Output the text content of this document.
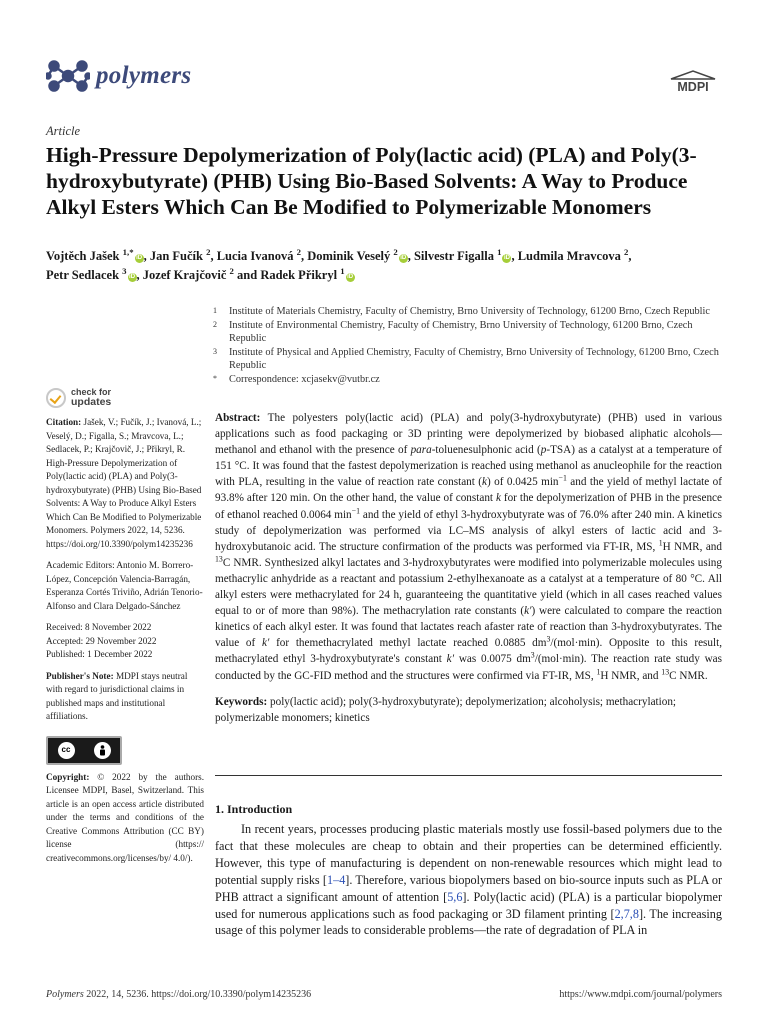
polymers	MDPI
Article
High-Pressure Depolymerization of Poly(lactic acid) (PLA) and Poly(3-hydroxybutyrate) (PHB) Using Bio-Based Solvents: A Way to Produce Alkyl Esters Which Can Be Modified to Polymerizable Monomers

Vojtěch Jašek $^{1,*}$iD , Jan Fučík $^2$, Lucia Ivanová $^2$, Dominik Veselý $^2$iD , Silvestr Figalla $^1$iD , Ludmila Mravcova $^2$,
Petr Sedlacek $^3$iD , Jozef Krajčovič $^2$ and Radek Přikryl $^1$iD

1 Institute of Materials Chemistry, Faculty of Chemistry, Brno University of Technology, 61200 Brno, Czech Republic
2 Institute of Environmental Chemistry, Faculty of Chemistry, Brno University of Technology, 61200 Brno, Czech Republic
3 Institute of Physical and Applied Chemistry, Faculty of Chemistry, Brno University of Technology, 61200 Brno, Czech Republic
* Correspondence: xcjasekv@vutbr.cz
check for
updates
Citation: Jašek, V.; Fučík, J.; Ivanová, L.; Veselý, D.; Figalla, S.; Mravcova, L.; Sedlacek, P.; Krajčovič, J.; Přikryl, R. High-Pressure Depolymerization of Poly(lactic acid) (PLA) and Poly(3-hydroxybutyrate) (PHB) Using Bio-Based Solvents: A Way to Produce Alkyl Esters Which Can Be Modified to Polymerizable Monomers. Polymers 2022, 14, 5236. https://doi.org/10.3390/polym14235236
Academic Editors: Antonio M. Borrero-López, Concepción Valencia-Barragán, Esperanza Cortés Triviño, Adrián Tenorio-Alfonso and Clara Delgado-Sánchez
Received: 8 November 2022
Accepted: 29 November 2022
Published: 1 December 2022
Publisher's Note: MDPI stays neutral with regard to jurisdictional claims in published maps and institutional affiliations.
cc
Copyright: © 2022 by the authors. Licensee MDPI, Basel, Switzerland. This article is an open access article distributed under the terms and conditions of the Creative Commons Attribution (CC BY) license (https:// creativecommons.org/licenses/by/ 4.0/).

Abstract: The polyesters poly(lactic acid) (PLA) and poly(3-hydroxybutyrate) (PHB) used in various applications such as food packaging or 3D printing were depolymerized by biobased aliphatic alcohols—methanol and ethanol with the presence of para-toluenesulphonic acid (p-TSA) as a catalyst at a temperature of 151 °C. It was found that the fastest depolymerization is reached using methanol as anucleophile for the reaction with PLA, resulting in the value of reaction rate constant (k) of 0.0425 $\min^{-1}$ and the yield of methyl lactate of 93.8% after 120 min. On the other hand, the value of constant k for the depolymerization of PHB in the presence of ethanol reached 0.0064 $\min^{-1}$ and the yield of ethyl 3-hydroxybutyrate was of 76.0% after 240 min. A kinetics study of depolymerization was performed via LC–MS analysis of alkyl esters of lactic acid and 3-hydroxybutanoic acid. The structure confirmation of the products was performed via FT-IR, MS, $^1$H NMR, and $^{13}$C NMR. Synthesized alkyl lactates and 3-hydroxybutyrates were modified into polymerizable molecules using methacrylic anhydride as a reactant and potassium 2-ethylhexanoate as a catalyst at a temperature of 80 °C. All alkyl esters were methacrylated for 24 h, guaranteeing the quantitative yield (which in all cases reached values equal to or of more than 98%). The methacrylation rate constants (k′) were calculated to compare the reaction kinetics of each alkyl ester. It was found that lactates reach afaster rate of reaction than 3-hydroxybutyrates. The value of k′ for themethacrylated methyl lactate reached 0.0885 $dm^3/(mol\cdot\min)$. Opposite to this result, methacrylated ethyl 3-hydroxybutyrate's constant k′ was 0.0075 $dm^3/(mol\cdot\min)$. The reaction rate study was conducted by the GC-FID method and the structures were confirmed via FT-IR, MS, $^1$H NMR, and $^{13}$C NMR.

Keywords: poly(lactic acid); poly(3-hydroxybutyrate); depolymerization; alcoholysis; methacrylation; polymerizable monomers; kinetics

1. Introduction

In recent years, processes producing plastic materials mostly use fossil-based polymers due to the fact that these molecules are cheap to obtain and their properties can be determined efficiently. However, this type of manufacturing is dependent on non-renewable resources which might lead to potential supply risks [1–4]. Therefore, various biopolymers based on bio-source inputs such as PLA or PHB attract a significant amount of attention [5,6]. Poly(lactic acid) (PLA) is a particular biopolymer used for numerous applications such as food packaging or 3D filament printing [2,7,8]. The increasing usage of this polymer leads to considerable problems—the rate of degradation of PLA in

Polymers 2022, 14, 5236. https://doi.org/10.3390/polym14235236	https://www.mdpi.com/journal/polymers
